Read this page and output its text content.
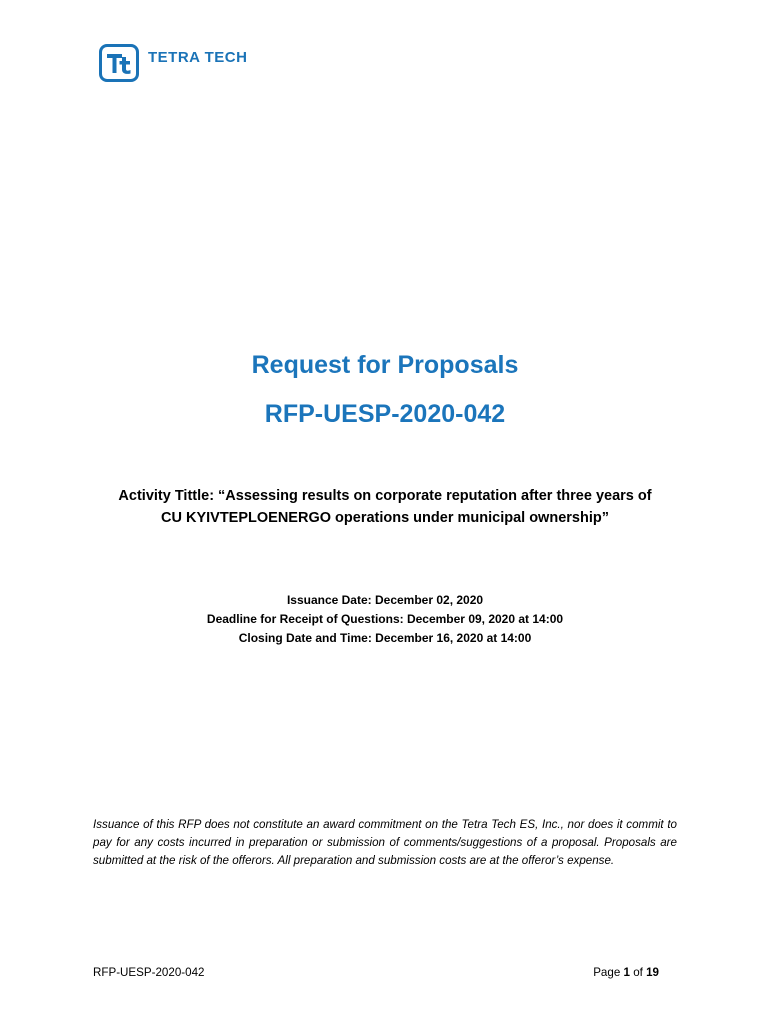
TETRA TECH
Request for Proposals
RFP-UESP-2020-042
Activity Tittle: “Assessing results on corporate reputation after three years of
CU KYIVTEPLOENERGO operations under municipal ownership”
Issuance Date: December 02, 2020
Deadline for Receipt of Questions: December 09, 2020 at 14:00
Closing Date and Time: December 16, 2020 at 14:00
Issuance of this RFP does not constitute an award commitment on the Tetra Tech ES, Inc., nor does it commit to pay for any costs incurred in preparation or submission of comments/suggestions of a proposal. Proposals are submitted at the risk of the offerors. All preparation and submission costs are at the offeror’s expense.
RFP-UESP-2020-042	Page 1 of 19
